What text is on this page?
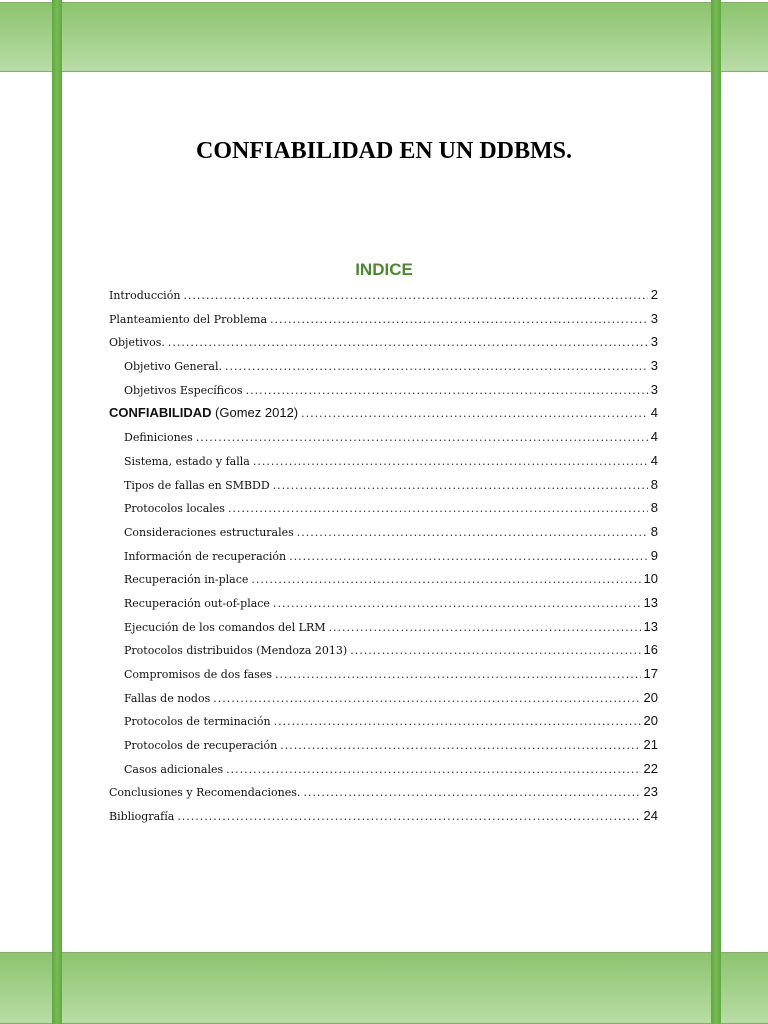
CONFIABILIDAD EN UN DDBMS.
INDICE
Introducción .....	2
Planteamiento del Problema .....	3
Objetivos. .....	3
Objetivo General. .....	3
Objetivos Específicos .....	3
CONFIABILIDAD (Gomez 2012) .....	4
Definiciones .....	4
Sistema, estado y falla .....	4
Tipos de fallas en SMBDD .....	8
Protocolos locales .....	8
Consideraciones estructurales .....	8
Información de recuperación .....	9
Recuperación in-place .....	10
Recuperación out-of-place .....	13
Ejecución de los comandos del LRM .....	13
Protocolos distribuidos (Mendoza 2013) .....	16
Compromisos de dos fases .....	17
Fallas de nodos .....	20
Protocolos de terminación .....	20
Protocolos de recuperación .....	21
Casos adicionales .....	22
Conclusiones y Recomendaciones. .....	23
Bibliografía .....	24
